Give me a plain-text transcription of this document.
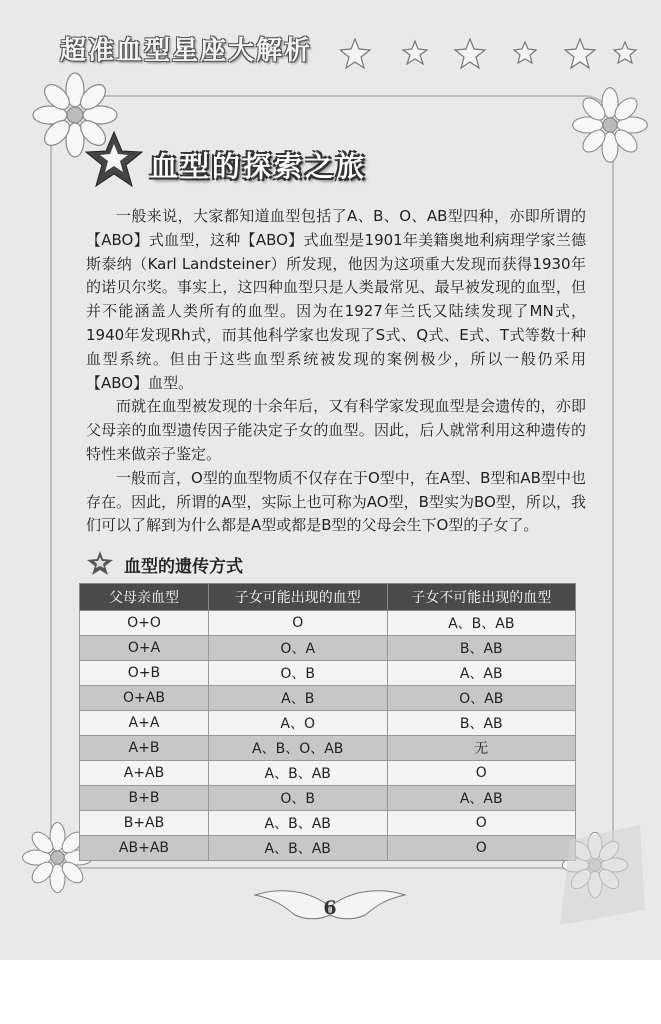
超准血型星座大解析
血型的探索之旅

一般来说，大家都知道血型包括了A、B、O、AB型四种，亦即所谓的【ABO】式血型，这种【ABO】式血型是1901年美籍奥地利病理学家兰德斯泰纳（Karl Landsteiner）所发现，他因为这项重大发现而获得1930年的诺贝尔奖。事实上，这四种血型只是人类最常见、最早被发现的血型，但并不能涵盖人类所有的血型。因为在1927年兰氏又陆续发现了MN式，1940年发现Rh式，而其他科学家也发现了S式、Q式、E式、T式等数十种血型系统。但由于这些血型系统被发现的案例极少，所以一般仍采用【ABO】血型。

而就在血型被发现的十余年后，又有科学家发现血型是会遗传的，亦即父母亲的血型遗传因子能决定子女的血型。因此，后人就常利用这种遗传的特性来做亲子鉴定。

一般而言，O型的血型物质不仅存在于O型中，在A型、B型和AB型中也存在。因此，所谓的A型，实际上也可称为AO型，B型实为BO型，所以，我们可以了解到为什么都是A型或都是B型的父母会生下O型的子女了。

血型的遗传方式
父母亲血型	子女可能出现的血型	子女不可能出现的血型
O+O	O	A、B、AB
O+A	O、A	B、AB
O+B	O、B	A、AB
O+AB	A、B	O、AB
A+A	A、O	B、AB
A+B	A、B、O、AB	无
A+AB	A、B、AB	O
B+B	O、B	A、AB
B+AB	A、B、AB	O
AB+AB	A、B、AB	O
6
